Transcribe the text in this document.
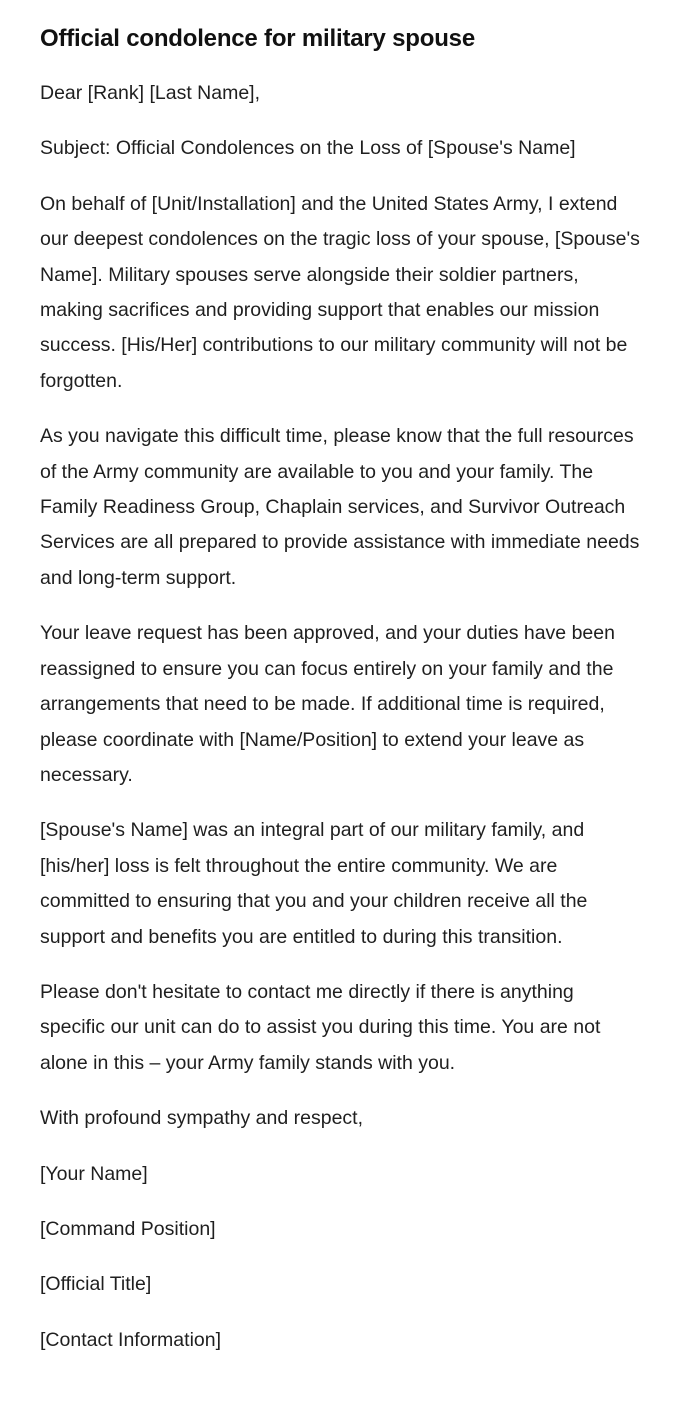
Official condolence for military spouse

Dear [Rank] [Last Name],

Subject: Official Condolences on the Loss of [Spouse's Name]

On behalf of [Unit/Installation] and the United States Army, I extend our deepest condolences on the tragic loss of your spouse, [Spouse's Name]. Military spouses serve alongside their soldier partners, making sacrifices and providing support that enables our mission success. [His/Her] contributions to our military community will not be forgotten.

As you navigate this difficult time, please know that the full resources of the Army community are available to you and your family. The Family Readiness Group, Chaplain services, and Survivor Outreach Services are all prepared to provide assistance with immediate needs and long-term support.

Your leave request has been approved, and your duties have been reassigned to ensure you can focus entirely on your family and the arrangements that need to be made. If additional time is required, please coordinate with [Name/Position] to extend your leave as necessary.

[Spouse's Name] was an integral part of our military family, and [his/her] loss is felt throughout the entire community. We are committed to ensuring that you and your children receive all the support and benefits you are entitled to during this transition.

Please don't hesitate to contact me directly if there is anything specific our unit can do to assist you during this time. You are not alone in this – your Army family stands with you.

With profound sympathy and respect,

[Your Name]

[Command Position]

[Official Title]

[Contact Information]
